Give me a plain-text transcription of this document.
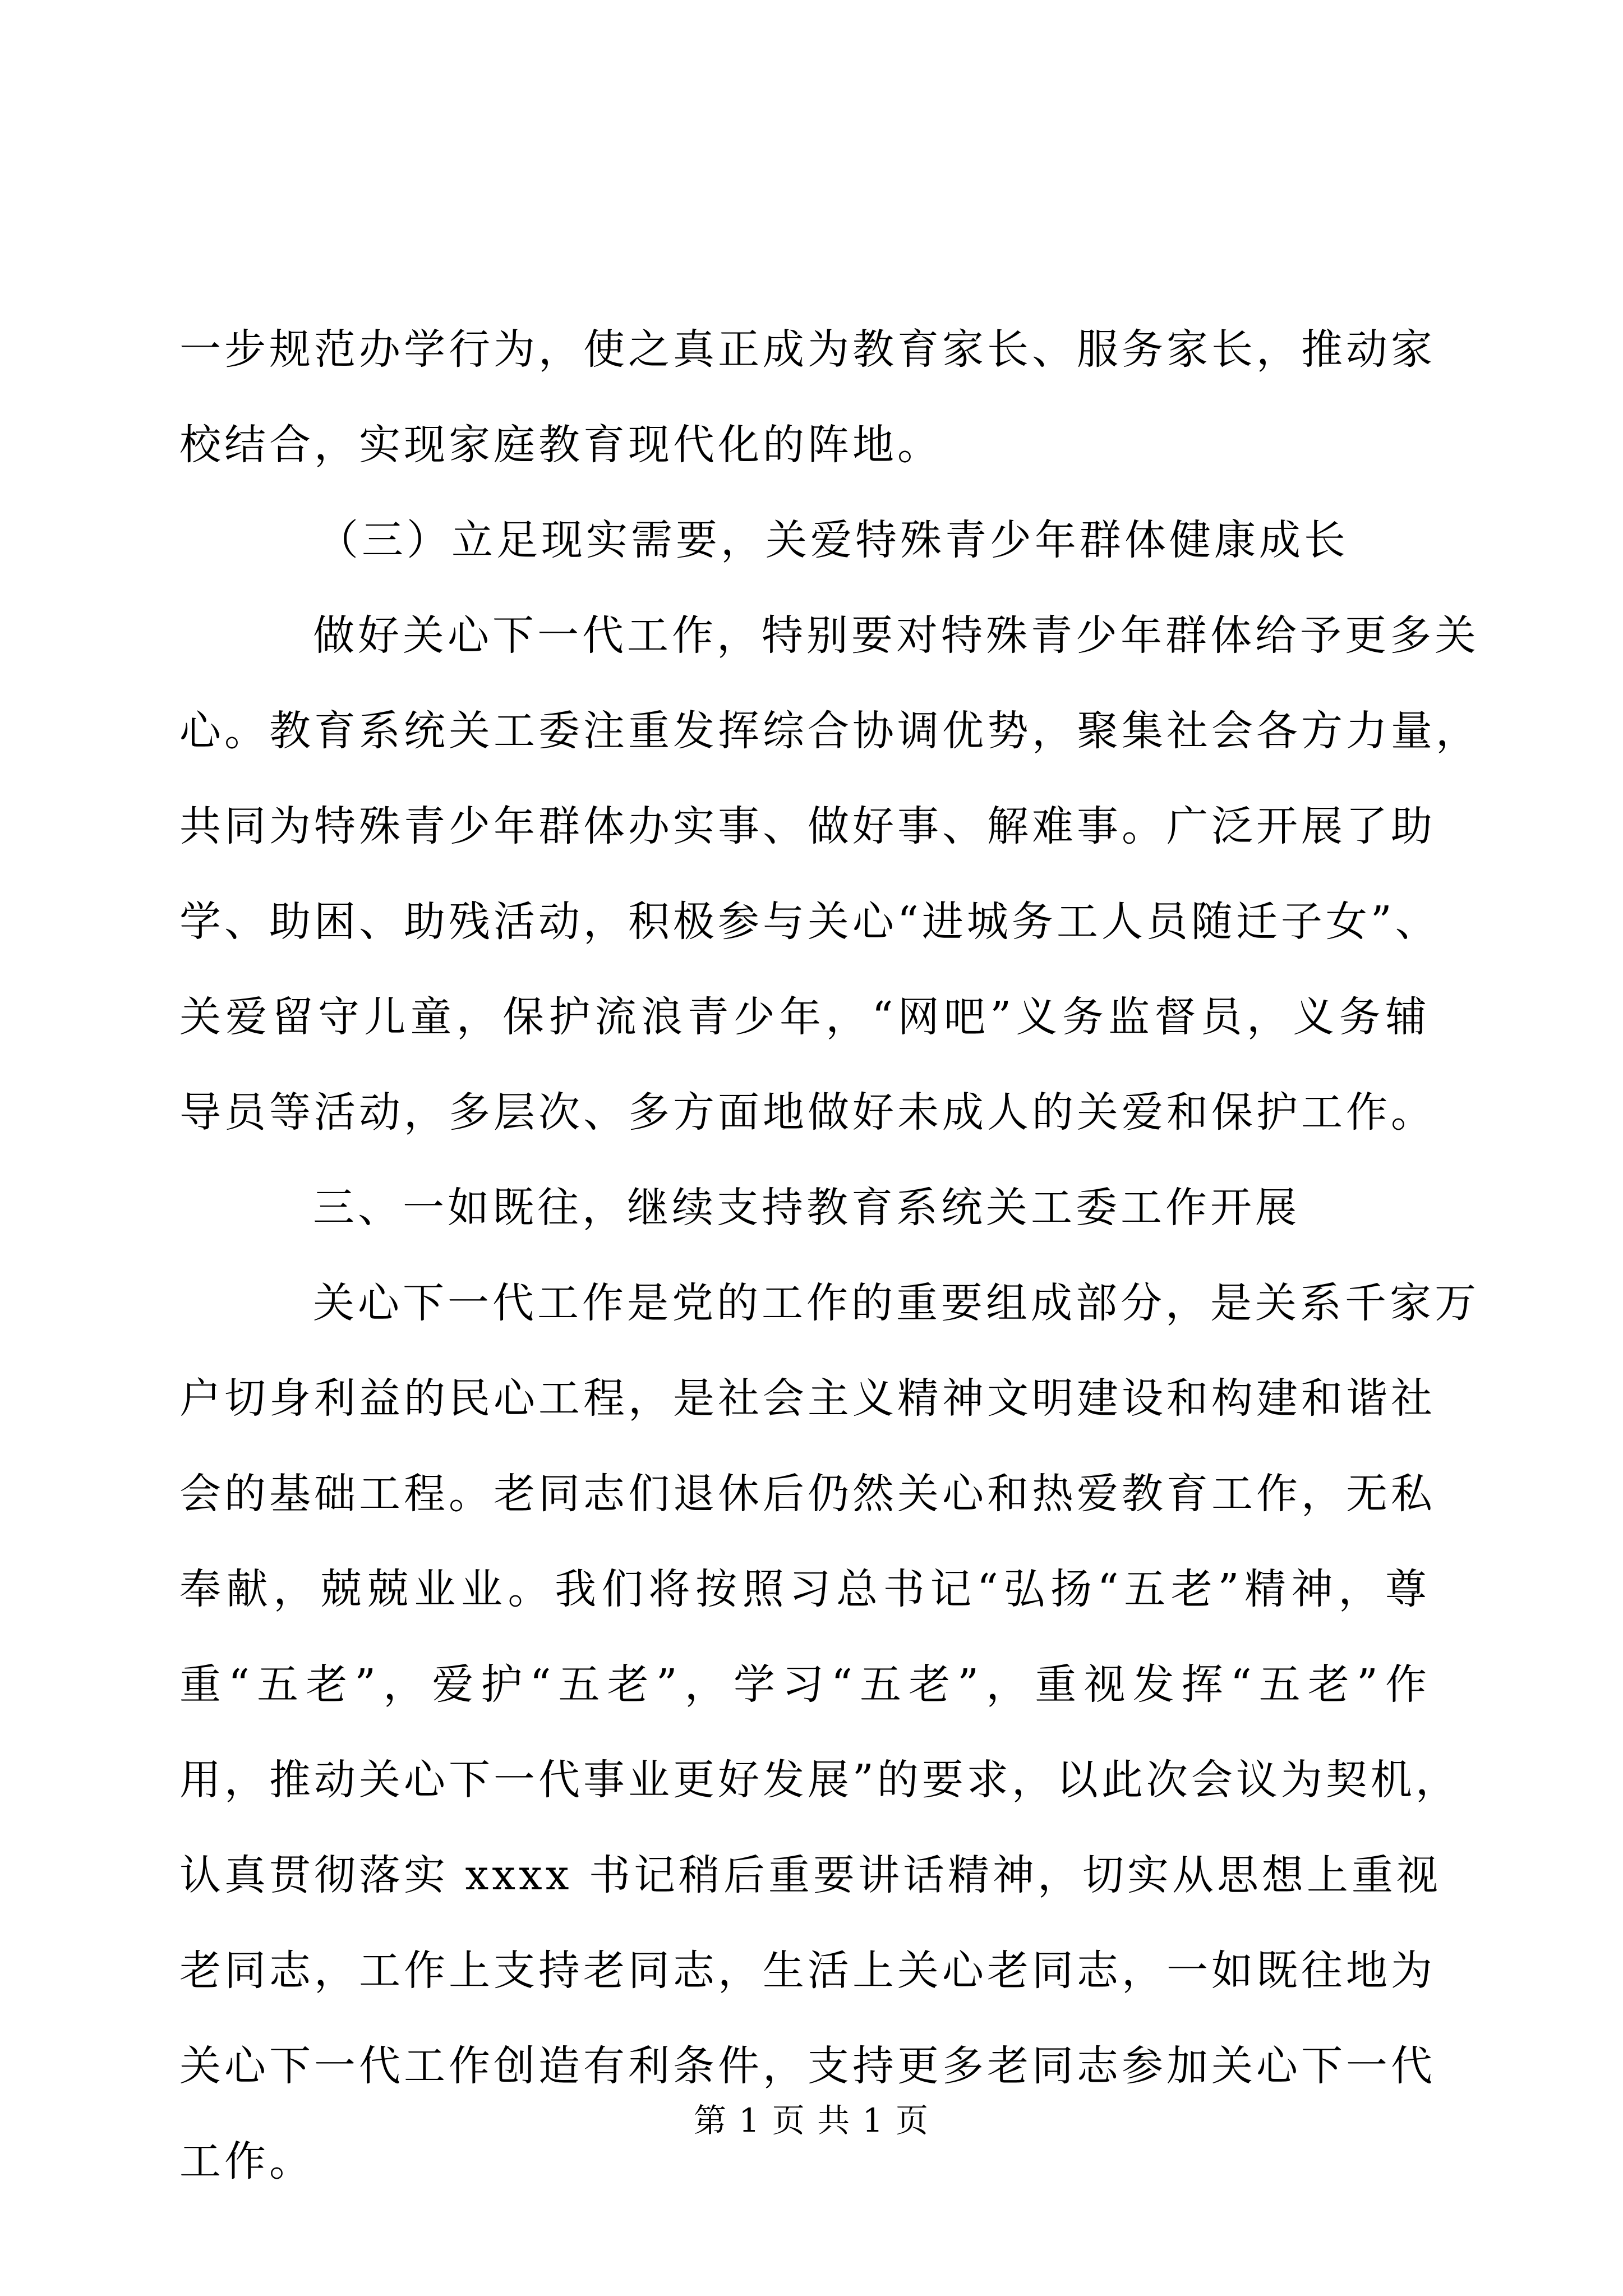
一步规范办学行为，使之真正成为教育家长、服务家长，推动家
校结合，实现家庭教育现代化的阵地。
（三）立足现实需要，关爱特殊青少年群体健康成长
做好关心下一代工作，特别要对特殊青少年群体给予更多关
心。教育系统关工委注重发挥综合协调优势，聚集社会各方力量，
共同为特殊青少年群体办实事、做好事、解难事。广泛开展了助
学、助困、助残活动，积极参与关心“进城务工人员随迁子女”、
关爱留守儿童，保护流浪青少年，“网吧”义务监督员，义务辅
导员等活动，多层次、多方面地做好未成人的关爱和保护工作。
三、一如既往，继续支持教育系统关工委工作开展
关心下一代工作是党的工作的重要组成部分，是关系千家万
户切身利益的民心工程，是社会主义精神文明建设和构建和谐社
会的基础工程。老同志们退休后仍然关心和热爱教育工作，无私
奉献，兢兢业业。我们将按照习总书记“弘扬“五老”精神，尊
重“五老”，爱护“五老”，学习“五老”，重视发挥“五老”作
用，推动关心下一代事业更好发展”的要求，以此次会议为契机，
认真贯彻落实 xxxx 书记稍后重要讲话精神，切实从思想上重视
老同志，工作上支持老同志，生活上关心老同志，一如既往地为
关心下一代工作创造有利条件，支持更多老同志参加关心下一代
工作。
第 1 页 共 1 页
